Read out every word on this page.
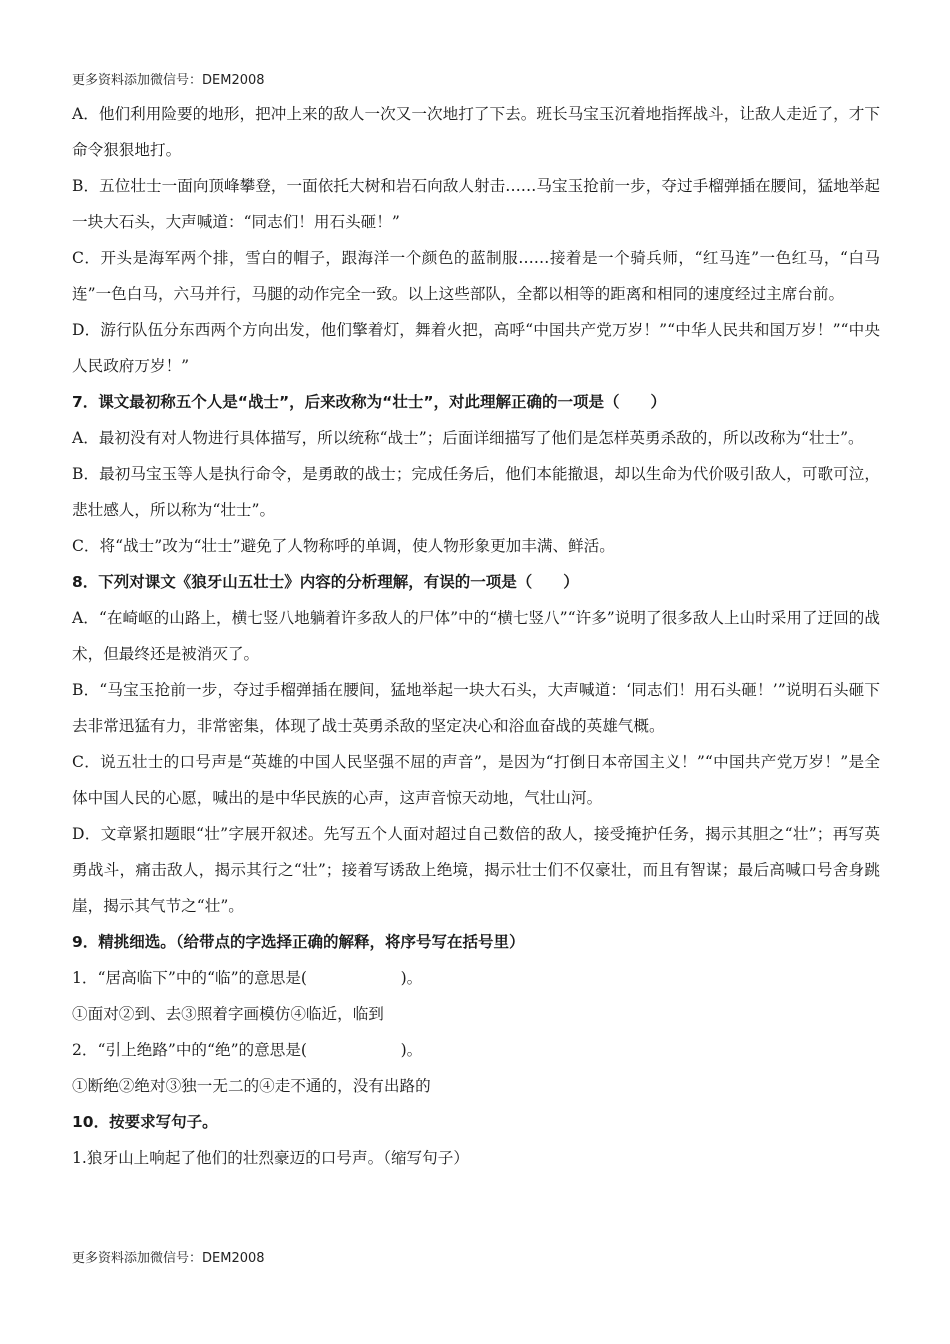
更多资料添加微信号：DEM2008

A．他们利用险要的地形，把冲上来的敌人一次又一次地打了下去。班长马宝玉沉着地指挥战斗，让敌人走近了，才下命令狠狠地打。

B．五位壮士一面向顶峰攀登，一面依托大树和岩石向敌人射击……马宝玉抢前一步，夺过手榴弹插在腰间，猛地举起一块大石头，大声喊道：“同志们！用石头砸！”

C．开头是海军两个排，雪白的帽子，跟海洋一个颜色的蓝制服……接着是一个骑兵师，“红马连”一色红马，“白马连”一色白马，六马并行，马腿的动作完全一致。以上这些部队，全都以相等的距离和相同的速度经过主席台前。

D．游行队伍分东西两个方向出发，他们擎着灯，舞着火把，高呼“中国共产党万岁！”“中华人民共和国万岁！”“中央人民政府万岁！”

7．课文最初称五个人是“战士”，后来改称为“壮士”，对此理解正确的一项是（　　）

A．最初没有对人物进行具体描写，所以统称“战士”；后面详细描写了他们是怎样英勇杀敌的，所以改称为“壮士”。

B．最初马宝玉等人是执行命令，是勇敢的战士；完成任务后，他们本能撤退，却以生命为代价吸引敌人，可歌可泣，悲壮感人，所以称为“壮士”。

C．将“战士”改为“壮士”避免了人物称呼的单调，使人物形象更加丰满、鲜活。

8．下列对课文《狼牙山五壮士》内容的分析理解，有误的一项是（　　）

A．“在崎岖的山路上，横七竖八地躺着许多敌人的尸体”中的“横七竖八”“许多”说明了很多敌人上山时采用了迂回的战术，但最终还是被消灭了。

B．“马宝玉抢前一步，夺过手榴弹插在腰间，猛地举起一块大石头，大声喊道：‘同志们！用石头砸！’”说明石头砸下去非常迅猛有力，非常密集，体现了战士英勇杀敌的坚定决心和浴血奋战的英雄气概。

C．说五壮士的口号声是“英雄的中国人民坚强不屈的声音”，是因为“打倒日本帝国主义！”“中国共产党万岁！”是全体中国人民的心愿，喊出的是中华民族的心声，这声音惊天动地，气壮山河。

D．文章紧扣题眼“壮”字展开叙述。先写五个人面对超过自己数倍的敌人，接受掩护任务，揭示其胆之“壮”；再写英勇战斗，痛击敌人，揭示其行之“壮”；接着写诱敌上绝境，揭示壮士们不仅豪壮，而且有智谋；最后高喊口号舍身跳崖，揭示其气节之“壮”。

9．精挑细选。（给带点的字选择正确的解释，将序号写在括号里）

1．“居高临下”中的“临”的意思是(　　　　　　)。

①面对②到、去③照着字画模仿④临近，临到

2．“引上绝路”中的“绝”的意思是(　　　　　　)。

①断绝②绝对③独一无二的④走不通的，没有出路的

10．按要求写句子。

1.狼牙山上响起了他们的壮烈豪迈的口号声。（缩写句子）

更多资料添加微信号：DEM2008
